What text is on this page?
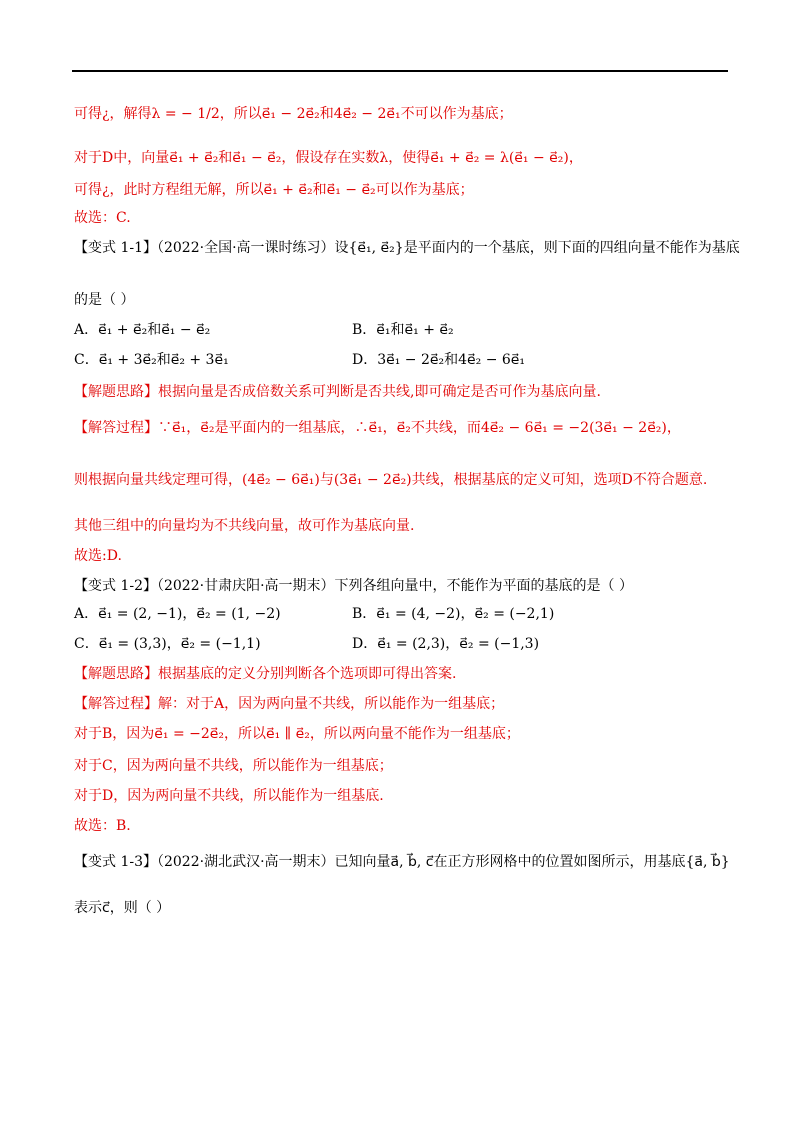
可得¿，解得λ = − 1/2，所以e⃗₁ − 2e⃗₂和4e⃗₂ − 2e⃗₁不可以作为基底；
对于D中，向量e⃗₁ + e⃗₂和e⃗₁ − e⃗₂，假设存在实数λ，使得e⃗₁ + e⃗₂ = λ(e⃗₁ − e⃗₂)，
可得¿，此时方程组无解，所以e⃗₁ + e⃗₂和e⃗₁ − e⃗₂可以作为基底；
故选：C.
【变式 1-1】（2022·全国·高一课时练习）设{e⃗₁, e⃗₂}是平面内的一个基底，则下面的四组向量不能作为基底
的是（ ）
A．e⃗₁ + e⃗₂和e⃗₁ − e⃗₂	B．e⃗₁和e⃗₁ + e⃗₂
C．e⃗₁ + 3e⃗₂和e⃗₂ + 3e⃗₁	D．3e⃗₁ − 2e⃗₂和4e⃗₂ − 6e⃗₁
【解题思路】根据向量是否成倍数关系可判断是否共线,即可确定是否可作为基底向量.
【解答过程】∵e⃗₁，e⃗₂是平面内的一组基底，∴e⃗₁，e⃗₂不共线，而4e⃗₂ − 6e⃗₁ = −2(3e⃗₁ − 2e⃗₂)，
则根据向量共线定理可得，(4e⃗₂ − 6e⃗₁)与(3e⃗₁ − 2e⃗₂)共线，根据基底的定义可知，选项D不符合题意.
其他三组中的向量均为不共线向量，故可作为基底向量.
故选:D.
【变式 1-2】（2022·甘肃庆阳·高一期末）下列各组向量中，不能作为平面的基底的是（ ）
A．e⃗₁ = (2, −1)，e⃗₂ = (1, −2)	B．e⃗₁ = (4, −2)，e⃗₂ = (−2,1)
C．e⃗₁ = (3,3)，e⃗₂ = (−1,1)	D．e⃗₁ = (2,3)，e⃗₂ = (−1,3)
【解题思路】根据基底的定义分别判断各个选项即可得出答案.
【解答过程】解：对于A，因为两向量不共线，所以能作为一组基底；
对于B，因为e⃗₁ = −2e⃗₂，所以e⃗₁ ∥ e⃗₂，所以两向量不能作为一组基底；
对于C，因为两向量不共线，所以能作为一组基底；
对于D，因为两向量不共线，所以能作为一组基底.
故选：B.
【变式 1-3】（2022·湖北武汉·高一期末）已知向量a⃗, b⃗, c⃗在正方形网格中的位置如图所示，用基底{a⃗, b⃗}
表示c⃗，则（ ）
